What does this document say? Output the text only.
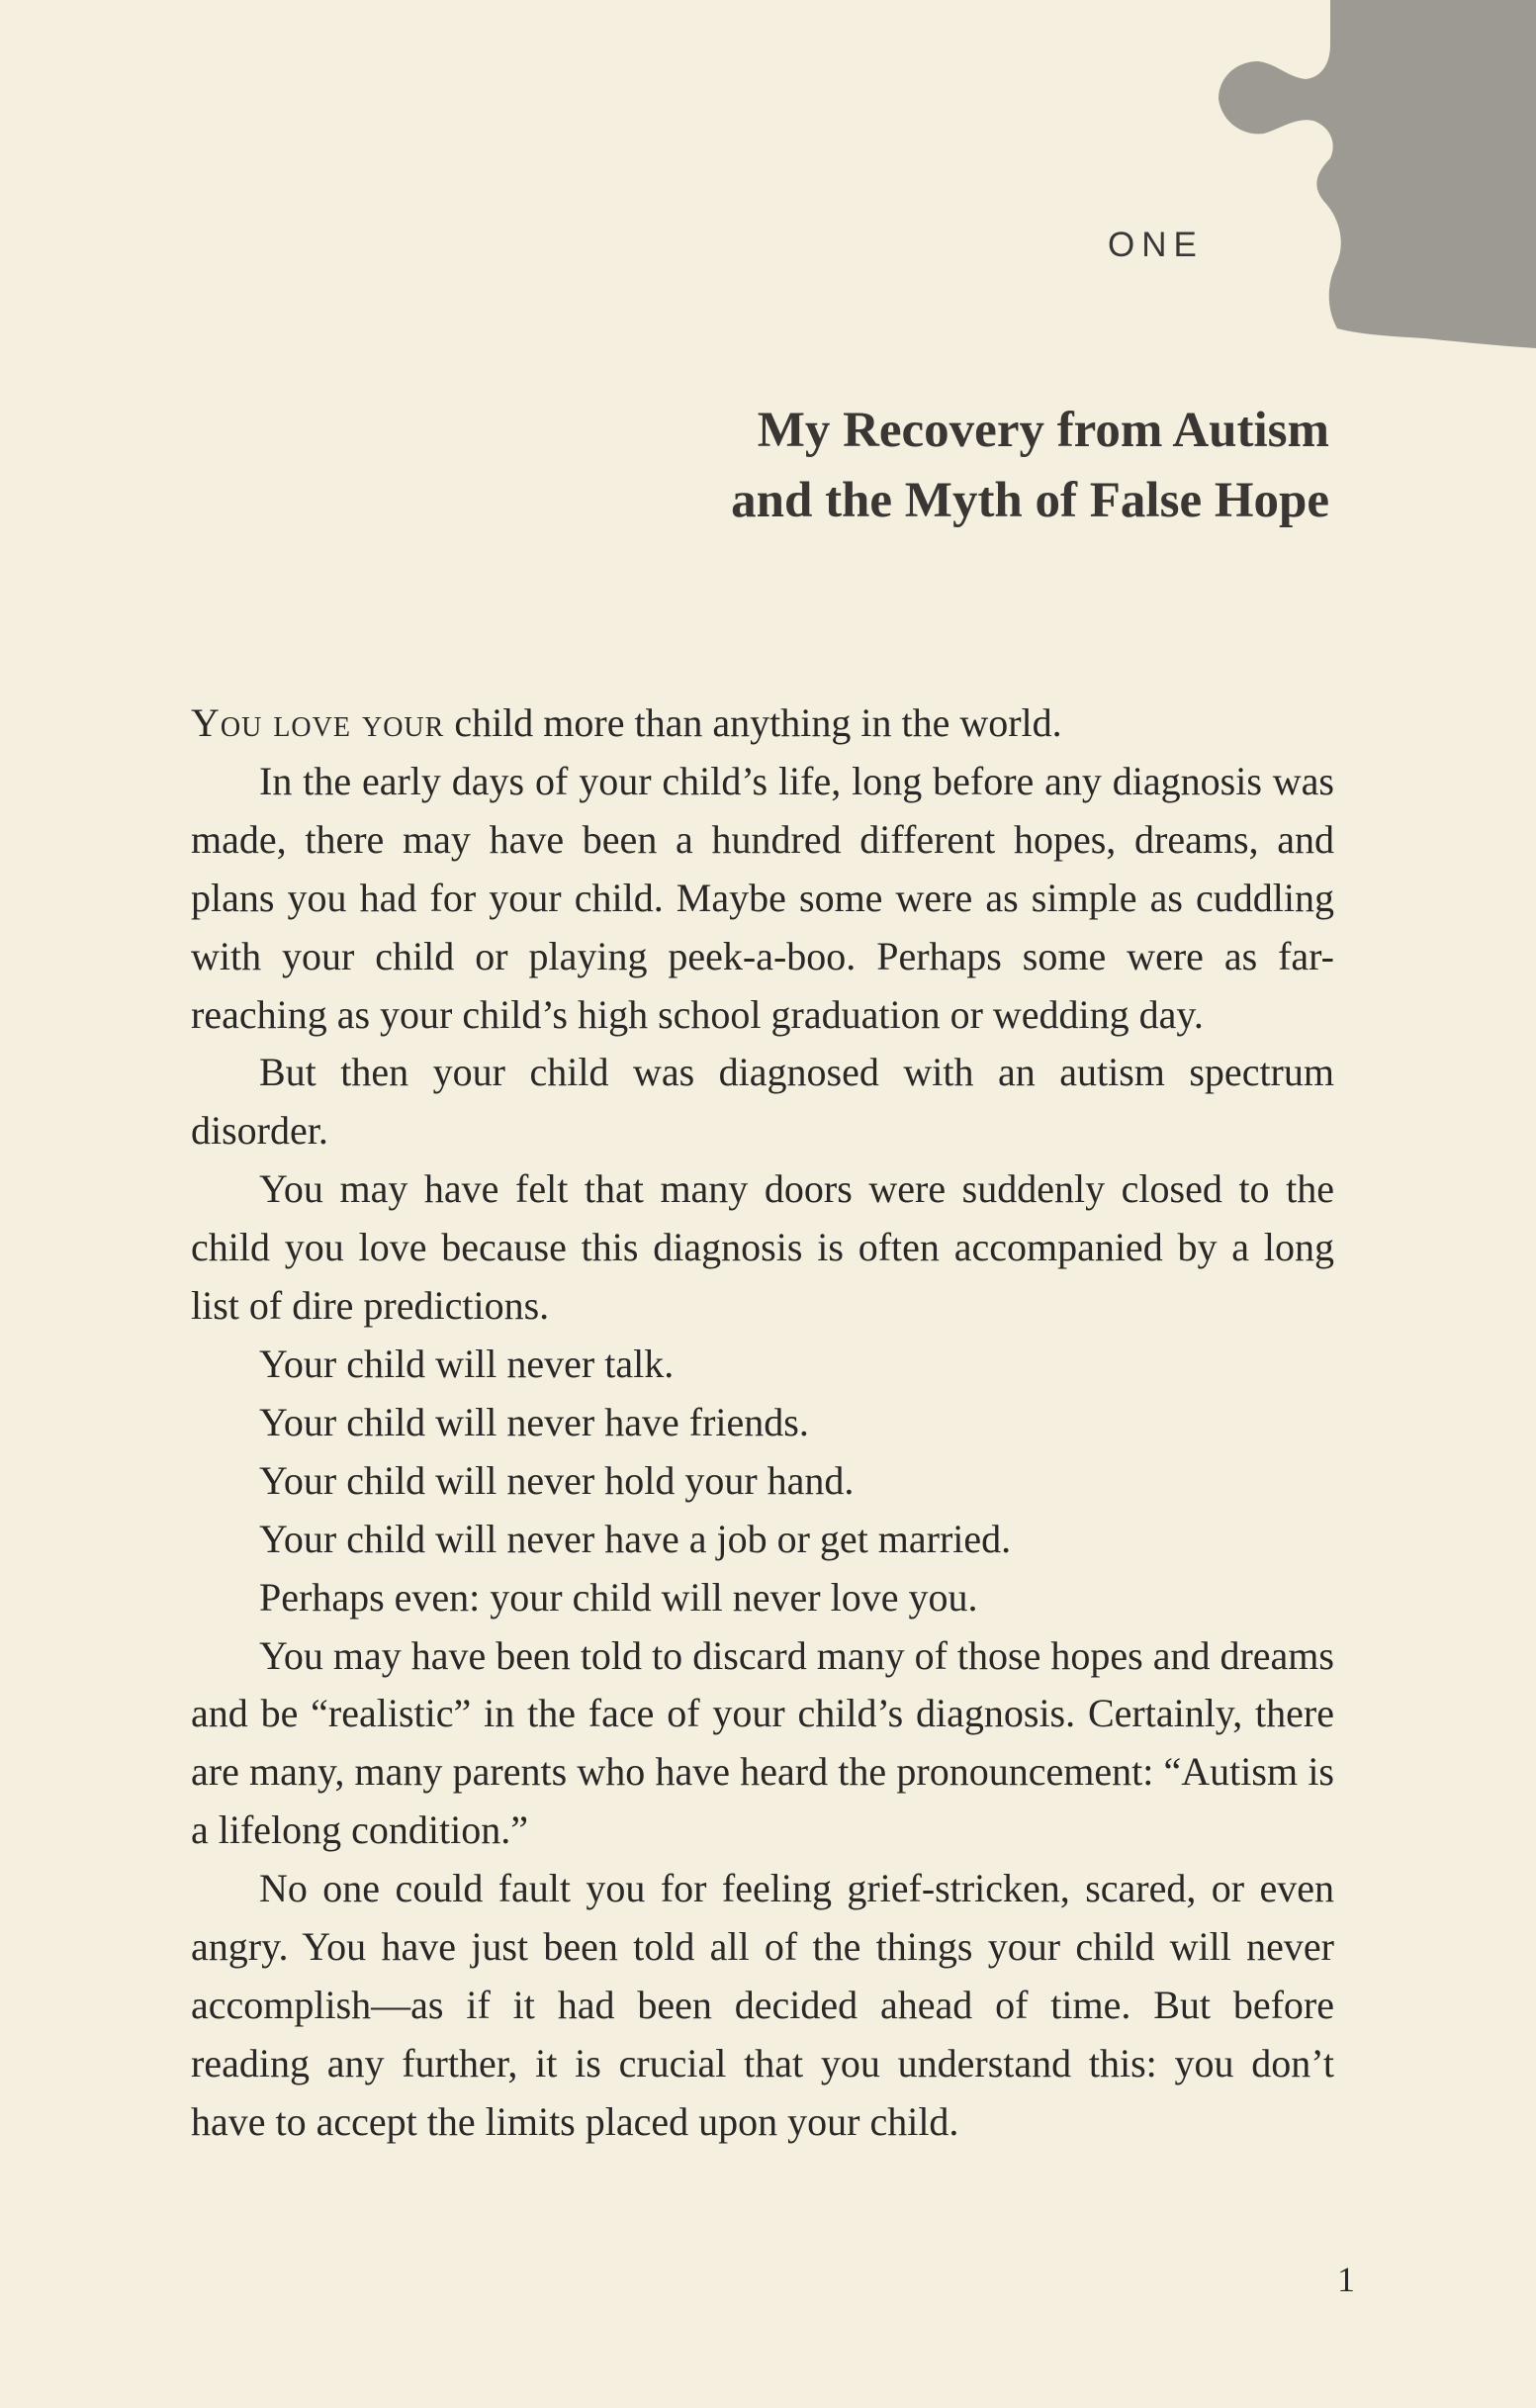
ONE
My Recovery from Autism
and the Myth of False Hope

You love your child more than anything in the world.

In the early days of your child’s life, long before any diagnosis was made, there may have been a hundred different hopes, dreams, and plans you had for your child. Maybe some were as simple as cuddling with your child or playing peek-a-boo. Perhaps some were as far-reaching as your child’s high school graduation or wedding day.

But then your child was diagnosed with an autism spectrum disorder.

You may have felt that many doors were suddenly closed to the child you love because this diagnosis is often accompanied by a long list of dire predictions.

Your child will never talk.

Your child will never have friends.

Your child will never hold your hand.

Your child will never have a job or get married.

Perhaps even: your child will never love you.

You may have been told to discard many of those hopes and dreams and be “realistic” in the face of your child’s diagnosis. Certainly, there are many, many parents who have heard the pronouncement: “Autism is a lifelong condition.”

No one could fault you for feeling grief-stricken, scared, or even angry. You have just been told all of the things your child will never accomplish—as if it had been decided ahead of time. But before reading any further, it is crucial that you understand this: you don’t have to accept the limits placed upon your child.

1
